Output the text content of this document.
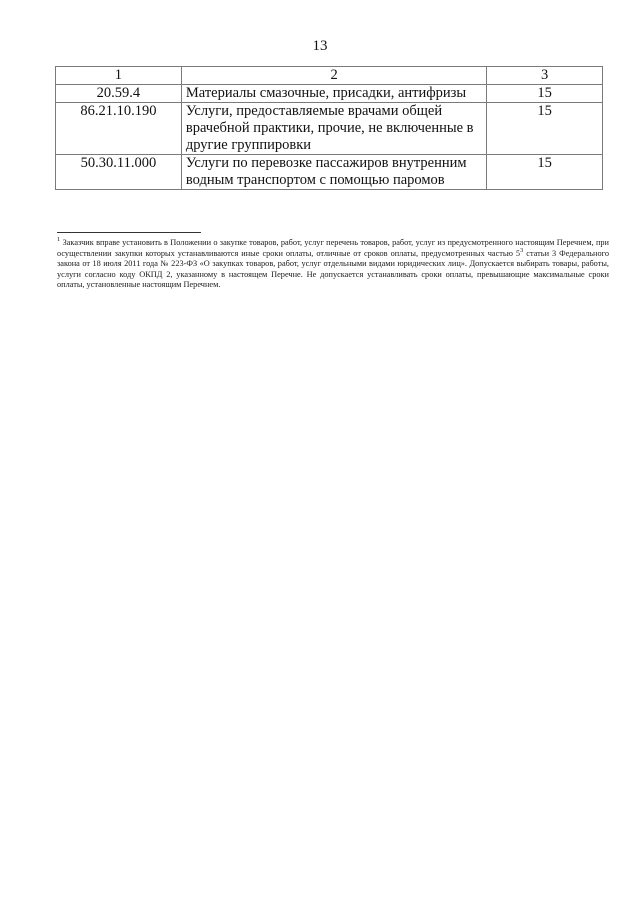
13
1	2	3
20.59.4	Материалы смазочные, присадки, антифризы	15
86.21.10.190	Услуги, предоставляемые врачами общей врачебной практики, прочие, не включенные в другие группировки	15
50.30.11.000	Услуги по перевозке пассажиров внутренним водным транспортом с помощью паромов	15
$^1$ Заказчик вправе установить в Положении о закупке товаров, работ, услуг перечень товаров, работ, услуг из предусмотренного настоящим Перечнем, при осуществлении закупки которых устанавливаются иные сроки оплаты, отличные от сроков оплаты, предусмотренных частью $5^3$ статьи 3 Федерального закона от 18 июля 2011 года № 223-ФЗ «О закупках товаров, работ, услуг отдельными видами юридических лиц». Допускается выбирать товары, работы, услуги согласно коду ОКПД 2, указанному в настоящем Перечне. Не допускается устанавливать сроки оплаты, превышающие максимальные сроки оплаты, установленные настоящим Перечнем.
